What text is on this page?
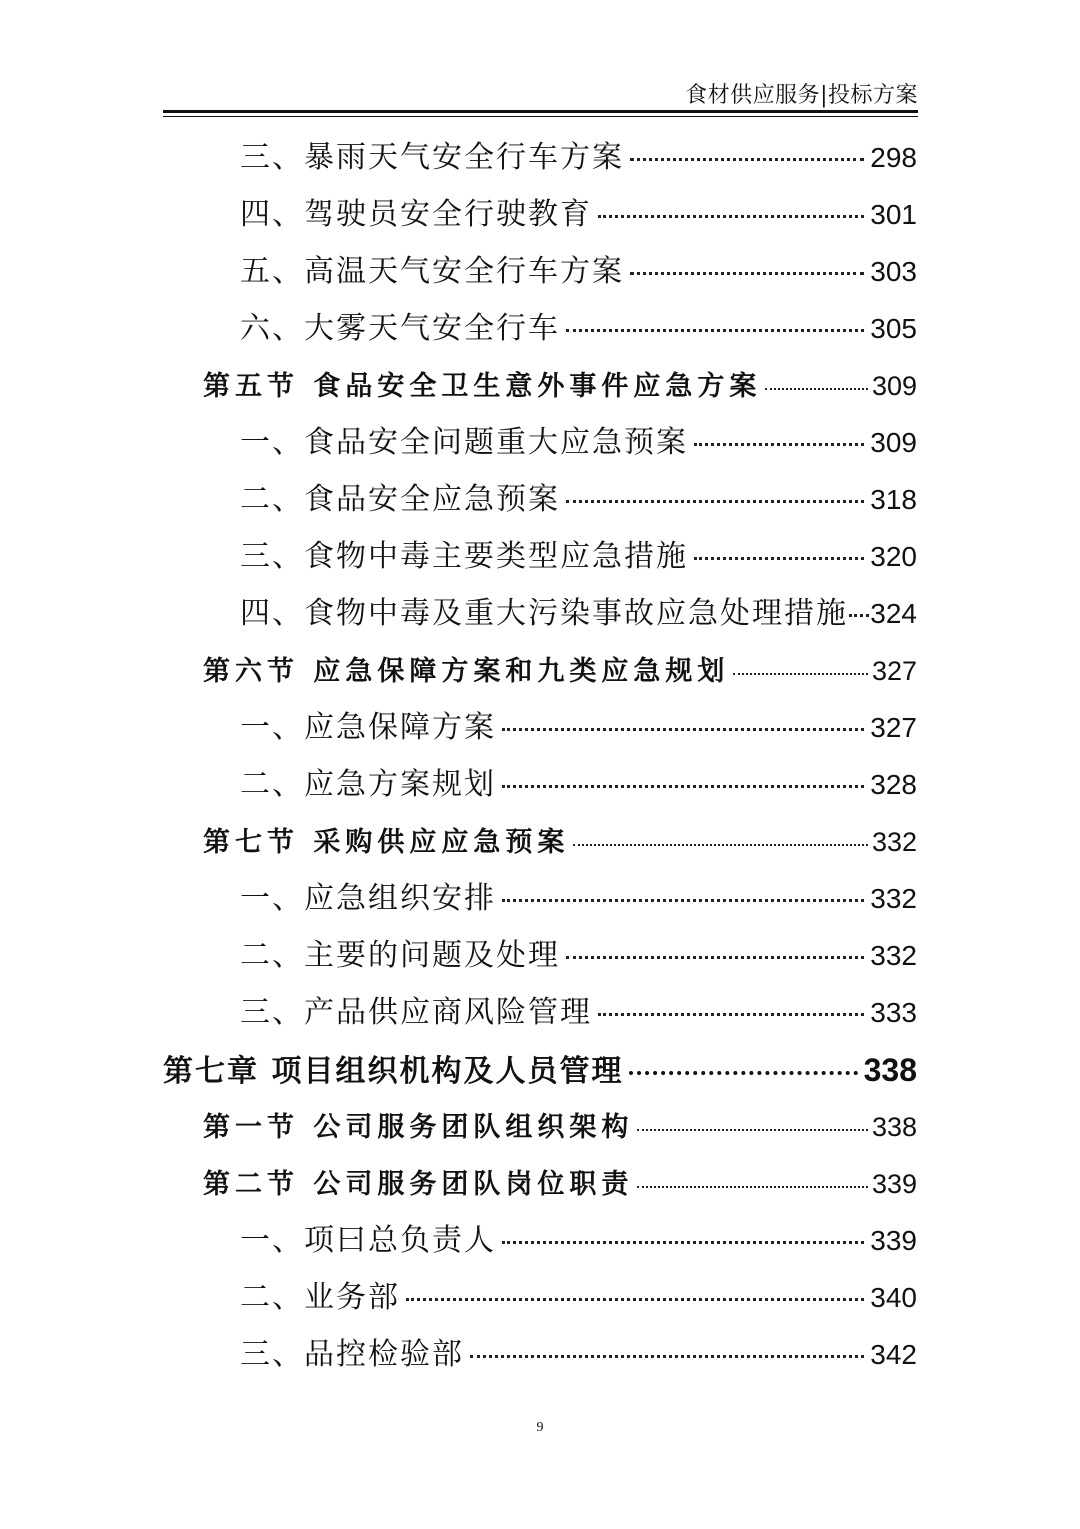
食材供应服务|投标方案
三、暴雨天气安全行车方案	298
四、驾驶员安全行驶教育	301
五、高温天气安全行车方案	303
六、大雾天气安全行车	305
第五节 食品安全卫生意外事件应急方案	309
一、食品安全问题重大应急预案	309
二、食品安全应急预案	318
三、食物中毒主要类型应急措施	320
四、食物中毒及重大污染事故应急处理措施 324
第六节 应急保障方案和九类应急规划	327
一、应急保障方案	327
二、应急方案规划	328
第七节 采购供应应急预案	332
一、应急组织安排	332
二、主要的问题及处理	332
三、产品供应商风险管理	333
第七章 项目组织机构及人员管理	338
第一节 公司服务团队组织架构	338
第二节 公司服务团队岗位职责	339
一、项曰总负责人	339
二、业务部	340
三、品控检验部	342
9
